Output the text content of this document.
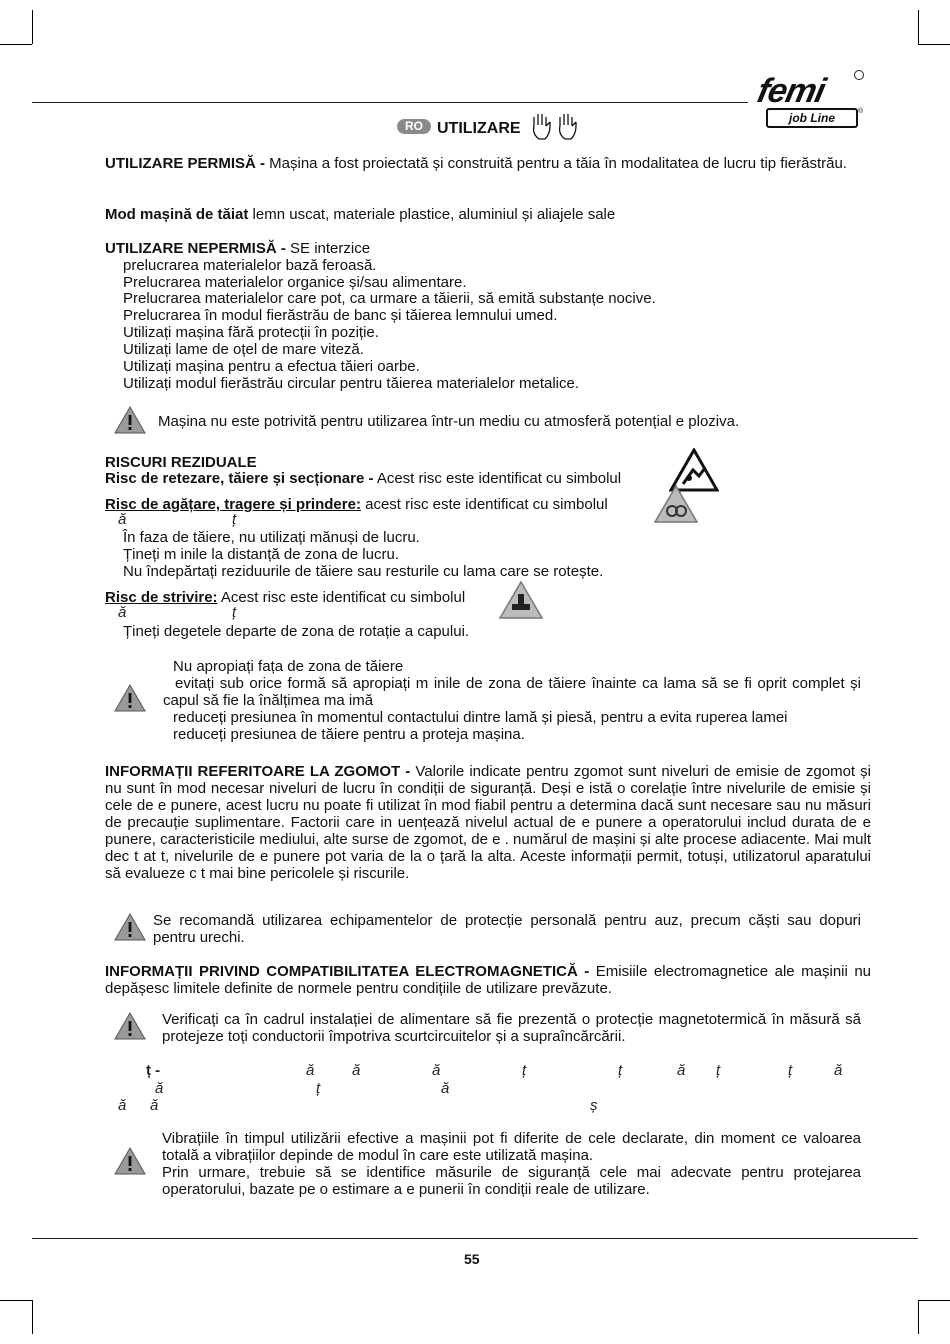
femi
job Line	®
RO UTILIZARE
UTILIZARE PERMISĂ - Mașina a fost proiectată și construită pentru a tăia în modalitatea de lucru tip fierăstrău.
Mod mașină de tăiat lemn uscat, materiale plastice, aluminiul și aliajele sale
UTILIZARE NEPERMISĂ - SE interzice
prelucrarea materialelor bază feroasă.
Prelucrarea materialelor organice și/sau alimentare.
Prelucrarea materialelor care pot, ca urmare a tăierii, să emită substanțe nocive.
Prelucrarea în modul fierăstrău de banc și tăierea lemnului umed.
Utilizați mașina fără protecții în poziție.
Utilizați lame de oțel de mare viteză.
Utilizați mașina pentru a efectua tăieri oarbe.
Utilizați modul fierăstrău circular pentru tăierea materialelor metalice.
Mașina nu este potrivită pentru utilizarea într-un mediu cu atmosferă potențial e ploziva.
RISCURI REZIDUALE
Risc de retezare, tăiere și secționare - Acest risc este identificat cu simbolul
Risc de agățare, tragere și prindere: acest risc este identificat cu simbolul
ă	ț
În faza de tăiere, nu utilizați mănuși de lucru.
Țineți m inile la distanță de zona de lucru.
Nu îndepărtați reziduurile de tăiere sau resturile cu lama care se rotește.
Risc de strivire: Acest risc este identificat cu simbolul
ă	ț
Țineți degetele departe de zona de rotație a capului.
Nu apropiați fața de zona de tăiere
evitați sub orice formă să apropiați m inile de zona de tăiere înainte ca lama să se fi oprit complet și capul să fie la înălțimea ma imă
reduceți presiunea în momentul contactului dintre lamă și piesă, pentru a evita ruperea lamei
reduceți presiunea de tăiere pentru a proteja mașina.
INFORMAȚII REFERITOARE LA ZGOMOT - Valorile indicate pentru zgomot sunt niveluri de emisie de zgomot și nu sunt în mod necesar niveluri de lucru în condiții de siguranță. Deși e istă o corelație între nivelurile de emisie și cele de e punere, acest lucru nu poate fi utilizat în mod fiabil pentru a determina dacă sunt necesare sau nu măsuri de precauție suplimentare. Factorii care in uențează nivelul actual de e punere a operatorului includ durata de e punere, caracteristicile mediului, alte surse de zgomot, de e . numărul de mașini și alte procese adiacente. Mai mult dec t at t, nivelurile de e punere pot varia de la o țară la alta. Aceste informații permit, totuși, utilizatorul aparatului să evalueze c t mai bine pericolele și riscurile.
Se recomandă utilizarea echipamentelor de protecție personală pentru auz, precum căști sau dopuri pentru urechi.
INFORMAȚII PRIVIND COMPATIBILITATEA ELECTROMAGNETICĂ - Emisiile electromagnetice ale mașinii nu depășesc limitele definite de normele pentru condițiile de utilizare prevăzute.
Verificați ca în cadrul instalației de alimentare să fie prezentă o protecție magnetotermică în măsură să protejeze toți conductorii împotriva scurtcircuitelor și a supraîncărcării.
ț -	ă	ă	ă	ț	ț	ă ț	ț	ă
ă	ț	ă
ă ă	ș
Vibrațiile în timpul utilizării efective a mașinii pot fi diferite de cele declarate, din moment ce valoarea totală a vibrațiilor depinde de modul în care este utilizată mașina.
Prin urmare, trebuie să se identifice măsurile de siguranță cele mai adecvate pentru protejarea operatorului, bazate pe o estimare a e punerii în condiții reale de utilizare.
55
